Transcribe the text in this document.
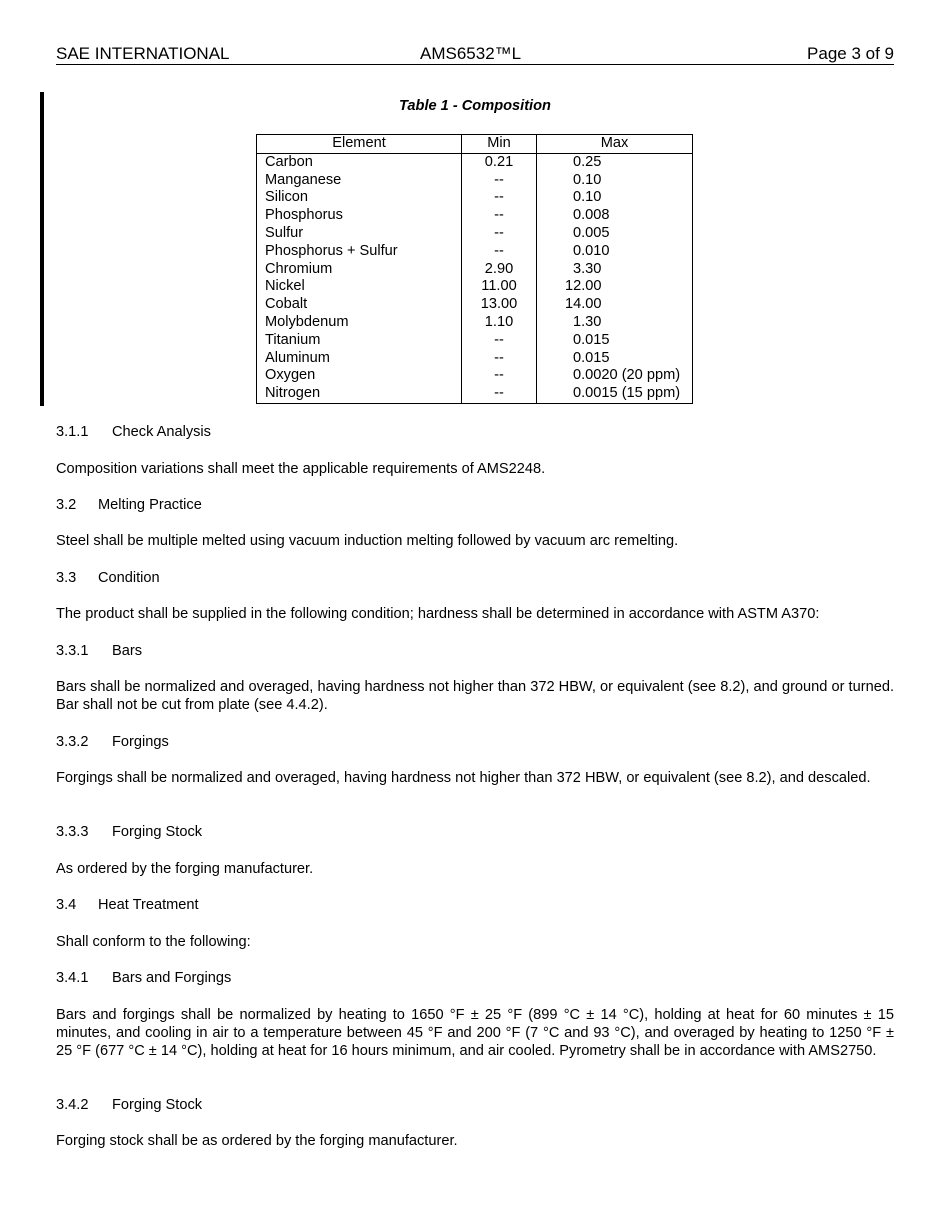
SAE INTERNATIONAL	AMS6532™L	Page 3 of 9
Table 1 - Composition
Element	Min	Max
Carbon	0.21	0.25
Manganese	--	0.10
Silicon	--	0.10
Phosphorus	--	0.008
Sulfur	--	0.005
Phosphorus + Sulfur	--	0.010
Chromium	2.90	3.30
Nickel	11.00	12.00
Cobalt	13.00	14.00
Molybdenum	1.10	1.30
Titanium	--	0.015
Aluminum	--	0.015
Oxygen	--	0.0020 (20 ppm)
Nitrogen	--	0.0015 (15 ppm)
3.1.1 Check Analysis
Composition variations shall meet the applicable requirements of AMS2248.
3.2 Melting Practice
Steel shall be multiple melted using vacuum induction melting followed by vacuum arc remelting.
3.3 Condition
The product shall be supplied in the following condition; hardness shall be determined in accordance with ASTM A370:
3.3.1 Bars
Bars shall be normalized and overaged, having hardness not higher than 372 HBW, or equivalent (see 8.2), and ground or turned. Bar shall not be cut from plate (see 4.4.2).
3.3.2 Forgings
Forgings shall be normalized and overaged, having hardness not higher than 372 HBW, or equivalent (see 8.2), and descaled.
3.3.3 Forging Stock
As ordered by the forging manufacturer.
3.4 Heat Treatment
Shall conform to the following:
3.4.1 Bars and Forgings
Bars and forgings shall be normalized by heating to 1650 °F ± 25 °F (899 °C ± 14 °C), holding at heat for 60 minutes ± 15 minutes, and cooling in air to a temperature between 45 °F and 200 °F (7 °C and 93 °C), and overaged by heating to 1250 °F ± 25 °F (677 °C ± 14 °C), holding at heat for 16 hours minimum, and air cooled. Pyrometry shall be in accordance with AMS2750.
3.4.2 Forging Stock
Forging stock shall be as ordered by the forging manufacturer.
